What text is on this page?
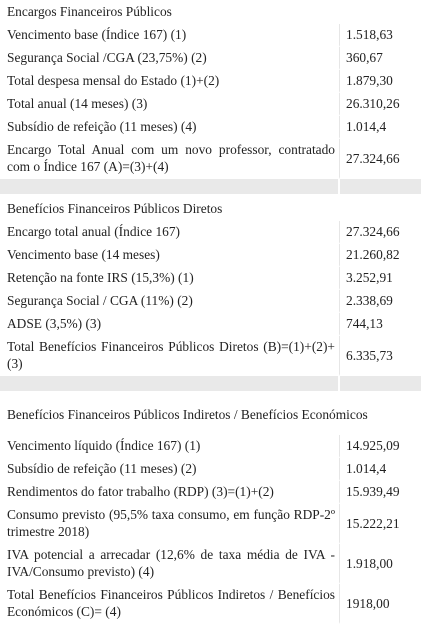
Encargos Financeiros Públicos	
Vencimento base (Índice 167) (1)	1.518,63
Segurança Social /CGA (23,75%) (2)	360,67
Total despesa mensal do Estado (1)+(2)	1.879,30
Total anual (14 meses) (3)	26.310,26
Subsídio de refeição (11 meses) (4)	1.014,4
Encargo Total Anual com um novo professor, contratado com o Índice 167 (A)=(3)+(4)	27.324,66

Benefícios Financeiros Públicos Diretos	
Encargo total anual (Índice 167)	27.324,66
Vencimento base (14 meses)	21.260,82
Retenção na fonte IRS (15,3%) (1)	3.252,91
Segurança Social / CGA (11%) (2)	2.338,69
ADSE (3,5%) (3)	744,13
Total Benefícios Financeiros Públicos Diretos (B)=(1)+(2)+(3)	6.335,73

Benefícios Financeiros Públicos Indiretos / Benefícios Económicos	
Vencimento líquido (Índice 167) (1)	14.925,09
Subsídio de refeição (11 meses) (2)	1.014,4
Rendimentos do fator trabalho (RDP) (3)=(1)+(2)	15.939,49
Consumo previsto (95,5% taxa consumo, em função RDP-2º trimestre 2018)	15.222,21
IVA potencial a arrecadar (12,6% de taxa média de IVA - IVA/Consumo previsto) (4)	1.918,00
Total Benefícios Financeiros Públicos Indiretos / Benefícios Económicos (C)= (4)	1918,00
